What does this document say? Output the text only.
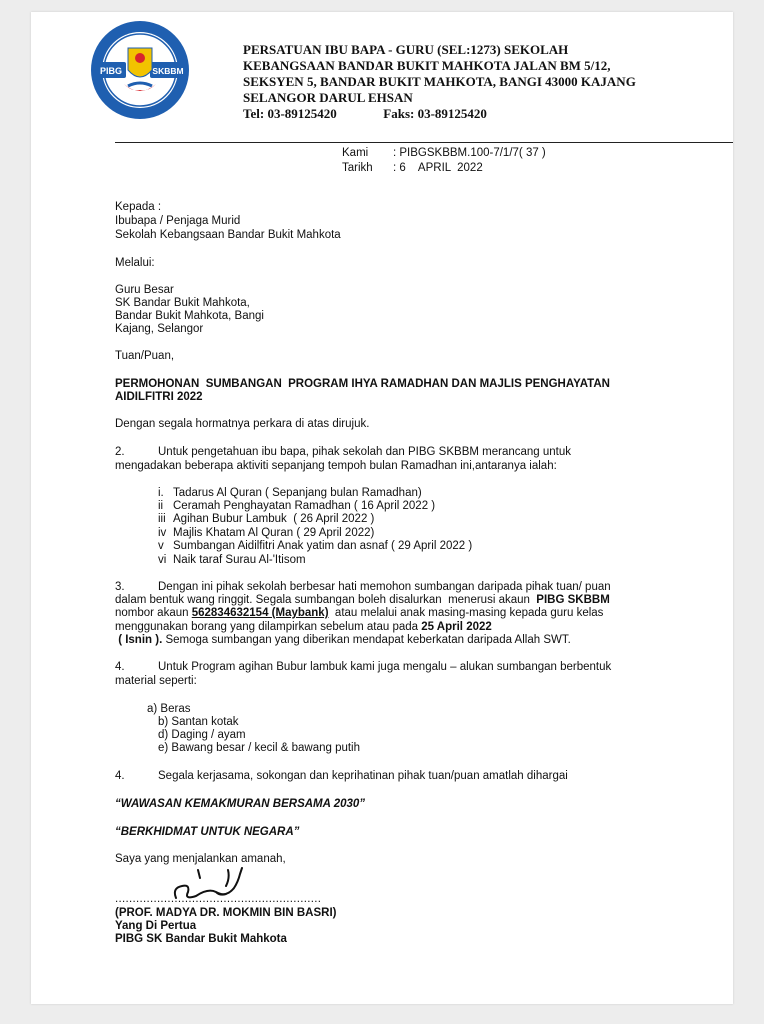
PIBG	SKBBM
PERSATUAN IBU BAPA - GURU (SEL:1273) SEKOLAH
KEBANGSAAN BANDAR BUKIT MAHKOTA JALAN BM 5/12,
SEKSYEN 5, BANDAR BUKIT MAHKOTA, BANGI 43000 KAJANG
SELANGOR DARUL EHSAN
Tel: 03-89125420	Faks: 03-89125420
Kami : PIBGSKBBM.100-7/1/7( 37 )
Tarikh : 6    APRIL  2022
Kepada :
Ibubapa / Penjaga Murid
Sekolah Kebangsaan Bandar Bukit Mahkota
Melalui:
Guru Besar
SK Bandar Bukit Mahkota,
Bandar Bukit Mahkota, Bangi
Kajang, Selangor
Tuan/Puan,
PERMOHONAN  SUMBANGAN  PROGRAM IHYA RAMADHAN DAN MAJLIS PENGHAYATAN
AIDILFITRI 2022
Dengan segala hormatnya perkara di atas dirujuk.
2.	Untuk pengetahuan ibu bapa, pihak sekolah dan PIBG SKBBM merancang untuk
mengadakan beberapa aktiviti sepanjang tempoh bulan Ramadhan ini,antaranya ialah:
i. Tadarus Al Quran ( Sepanjang bulan Ramadhan)
ii Ceramah Penghayatan Ramadhan ( 16 April 2022 )
iii Agihan Bubur Lambuk  ( 26 April 2022 )
iv Majlis Khatam Al Quran ( 29 April 2022)
v Sumbangan Aidilfitri Anak yatim dan asnaf ( 29 April 2022 )
vi Naik taraf Surau Al-'Itisom
3.	Dengan ini pihak sekolah berbesar hati memohon sumbangan daripada pihak tuan/ puan
dalam bentuk wang ringgit. Segala sumbangan boleh disalurkan  menerusi akaun  PIBG SKBBM
nombor akaun 562834632154 (Maybank)  atau melalui anak masing-masing kepada guru kelas
menggunakan borang yang dilampirkan sebelum atau pada 25 April 2022
( Isnin ). Semoga sumbangan yang diberikan mendapat keberkatan daripada Allah SWT.
4.	Untuk Program agihan Bubur lambuk kami juga mengalu – alukan sumbangan berbentuk
material seperti:
a) Beras
b) Santan kotak
d) Daging / ayam
e) Bawang besar / kecil & bawang putih
4.	Segala kerjasama, sokongan dan keprihatinan pihak tuan/puan amatlah dihargai
“WAWASAN KEMAKMURAN BERSAMA 2030”
“BERKHIDMAT UNTUK NEGARA”
Saya yang menjalankan amanah,
...........................................................
(PROF. MADYA DR. MOKMIN BIN BASRI)
Yang Di Pertua
PIBG SK Bandar Bukit Mahkota
